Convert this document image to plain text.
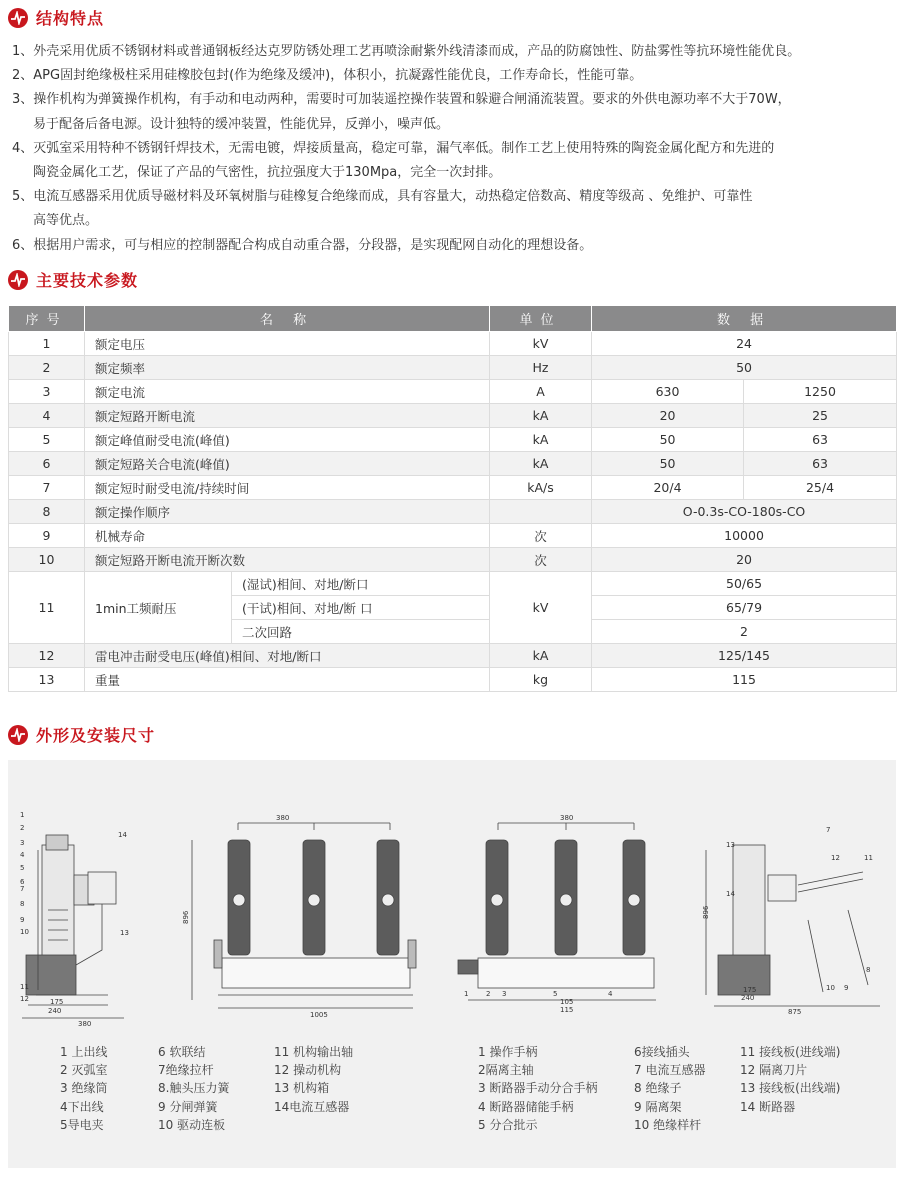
结构特点
1、外壳采用优质不锈钢材料或普通钢板经达克罗防锈处理工艺再喷涂耐紫外线清漆而成，产品的防腐蚀性、防盐雾性等抗环境性能优良。
2、APG固封绝缘极柱采用硅橡胶包封(作为绝缘及缓冲)，体积小，抗凝露性能优良，工作寿命长，性能可靠。
3、操作机构为弹簧操作机构，有手动和电动两种，需要时可加装遥控操作装置和躲避合闸涌流装置。要求的外供电源功率不大于70W，
易于配备后备电源。设计独特的缓冲装置，性能优异，反弹小，噪声低。
4、灭弧室采用特种不锈钢钎焊技术，无需电镀，焊接质量高，稳定可靠，漏气率低。制作工艺上使用特殊的陶瓷金属化配方和先进的
陶瓷金属化工艺，保证了产品的气密性，抗拉强度大于130Mpa，完全一次封排。
5、电流互感器采用优质导磁材料及环氧树脂与硅橡复合绝缘而成，具有容量大，动热稳定倍数高、精度等级高 、免维护、可靠性
高等优点。
6、根据用户需求，可与相应的控制器配合构成自动重合器，分段器，是实现配网自动化的理想设备。
主要技术参数
序号	名 称		单位	数 据	
1	额定电压		kV	24	
2	额定频率		Hz	50	
3	额定电流		A	630	1250
4	额定短路开断电流		kA	20	25
5	额定峰值耐受电流(峰值)		kA	50	63
6	额定短路关合电流(峰值)		kA	50	63
7	额定短时耐受电流/持续时间		kA/s	20/4	25/4
8	额定操作顺序			O-0.3s-CO-180s-CO	
9	机械寿命		次	10000	
10	额定短路开断电流开断次数		次	20	
11	1min工频耐压	(湿试)相间、对地/断口	kV	50/65	
		(干试)相间、对地/断 口		65/79	
		二次回路		2	
12	雷电冲击耐受电压(峰值)相间、对地/断口		kA	125/145	
13	重量		kg	115	
外形及安装尺寸
1
2
3
4
5
6
7
8
9
10
11
12
13
14
175
240
380
380
896
1005
1	2 3	4
5
380
105
115
7
11
12
13
14
8
9
10
896
175
240
875
1 上出线	6 软联结	11 机构输出轴
2 灭弧室	7绝缘拉杆	12 操动机构
3 绝缘筒	8.触头压力簧	13 机构箱
4下出线	9 分闸弹簧	14电流互感器
5导电夹	10 驱动连板
1 操作手柄	6接线插头	11 接线板(进线端)
2隔离主轴	7 电流互感器	12 隔离刀片
3 断路器手动分合手柄	8 绝缘子	13 接线板(出线端)
4 断路器储能手柄	9 隔离架	14 断路器
5 分合批示	10 绝缘样杆
